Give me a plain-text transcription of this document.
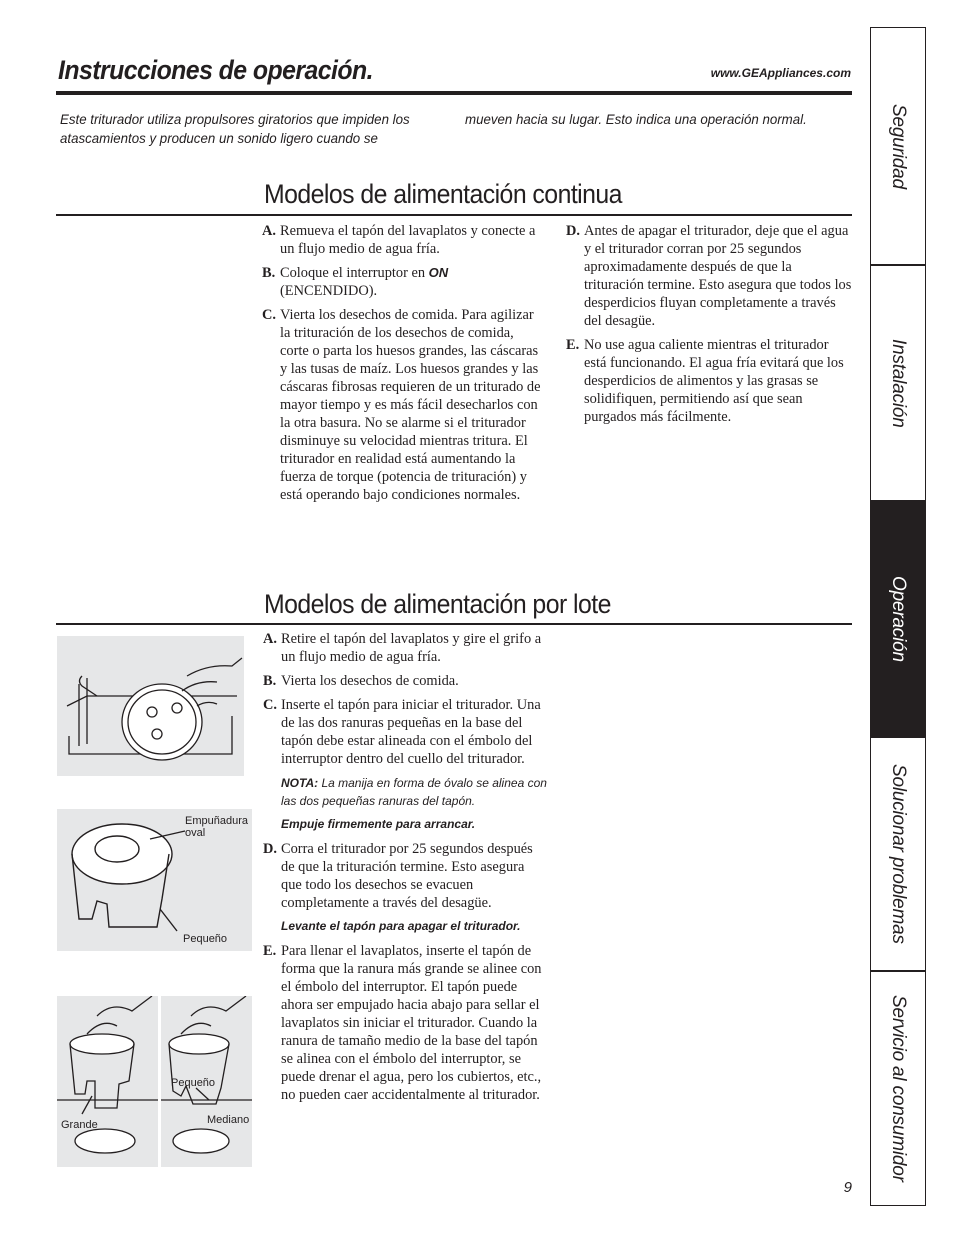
Instrucciones de operación.	www.GEAppliances.com
Este triturador utiliza propulsores giratorios que impiden los atascamientos y producen un sonido ligero cuando se
mueven hacia su lugar. Esto indica una operación normal.
Modelos de alimentación continua
A. Remueva el tapón del lavaplatos y conecte a un flujo medio de agua fría.
B. Coloque el interruptor en ON (ENCENDIDO).
C. Vierta los desechos de comida. Para agilizar la trituración de los desechos de comida, corte o parta los huesos grandes, las cáscaras y las tusas de maíz. Los huesos grandes y las cáscaras fibrosas requieren de un triturado de mayor tiempo y es más fácil desecharlos con la otra basura. No se alarme si el triturador disminuye su velocidad mientras tritura. El triturador en realidad está aumentando la fuerza de torque (potencia de trituración) y está operando bajo condiciones normales.
D. Antes de apagar el triturador, deje que el agua y el triturador corran por 25 segundos aproximadamente después de que la trituración termine. Esto asegura que todos los desperdicios fluyan completamente a través del desagüe.
E. No use agua caliente mientras el triturador está funcionando. El agua fría evitará que los desperdicios de alimentos y las grasas se solidifiquen, permitiendo así que sean purgados más fácilmente.
Modelos de alimentación por lote
A. Retire el tapón del lavaplatos y gire el grifo a un flujo medio de agua fría.
B. Vierta los desechos de comida.
C. Inserte el tapón para iniciar el triturador. Una de las dos ranuras pequeñas en la base del tapón debe estar alineada con el émbolo del interruptor dentro del cuello del triturador.

NOTA: La manija en forma de óvalo se alinea con las dos pequeñas ranuras del tapón.

Empuje firmemente para arrancar.

D. Corra el triturador por 25 segundos después de que la trituración termine. Esto asegura que todo los desechos se evacuen completamente a través del desagüe.

Levante el tapón para apagar el triturador.

E. Para llenar el lavaplatos, inserte el tapón de forma que la ranura más grande se alinee con el émbolo del interruptor. El tapón puede ahora ser empujado hacia abajo para sellar el lavaplatos sin iniciar el triturador. Cuando la ranura de tamaño medio de la base del tapón se alinea con el émbolo del interruptor, se puede drenar el agua, pero los cubiertos, etc., no pueden caer accidentalmente al triturador.
Empuñadura oval
Pequeño
Grande
Pequeño
Mediano
Seguridad
Instalación
Operación
Solucionar problemas
Servicio al consumidor
9
